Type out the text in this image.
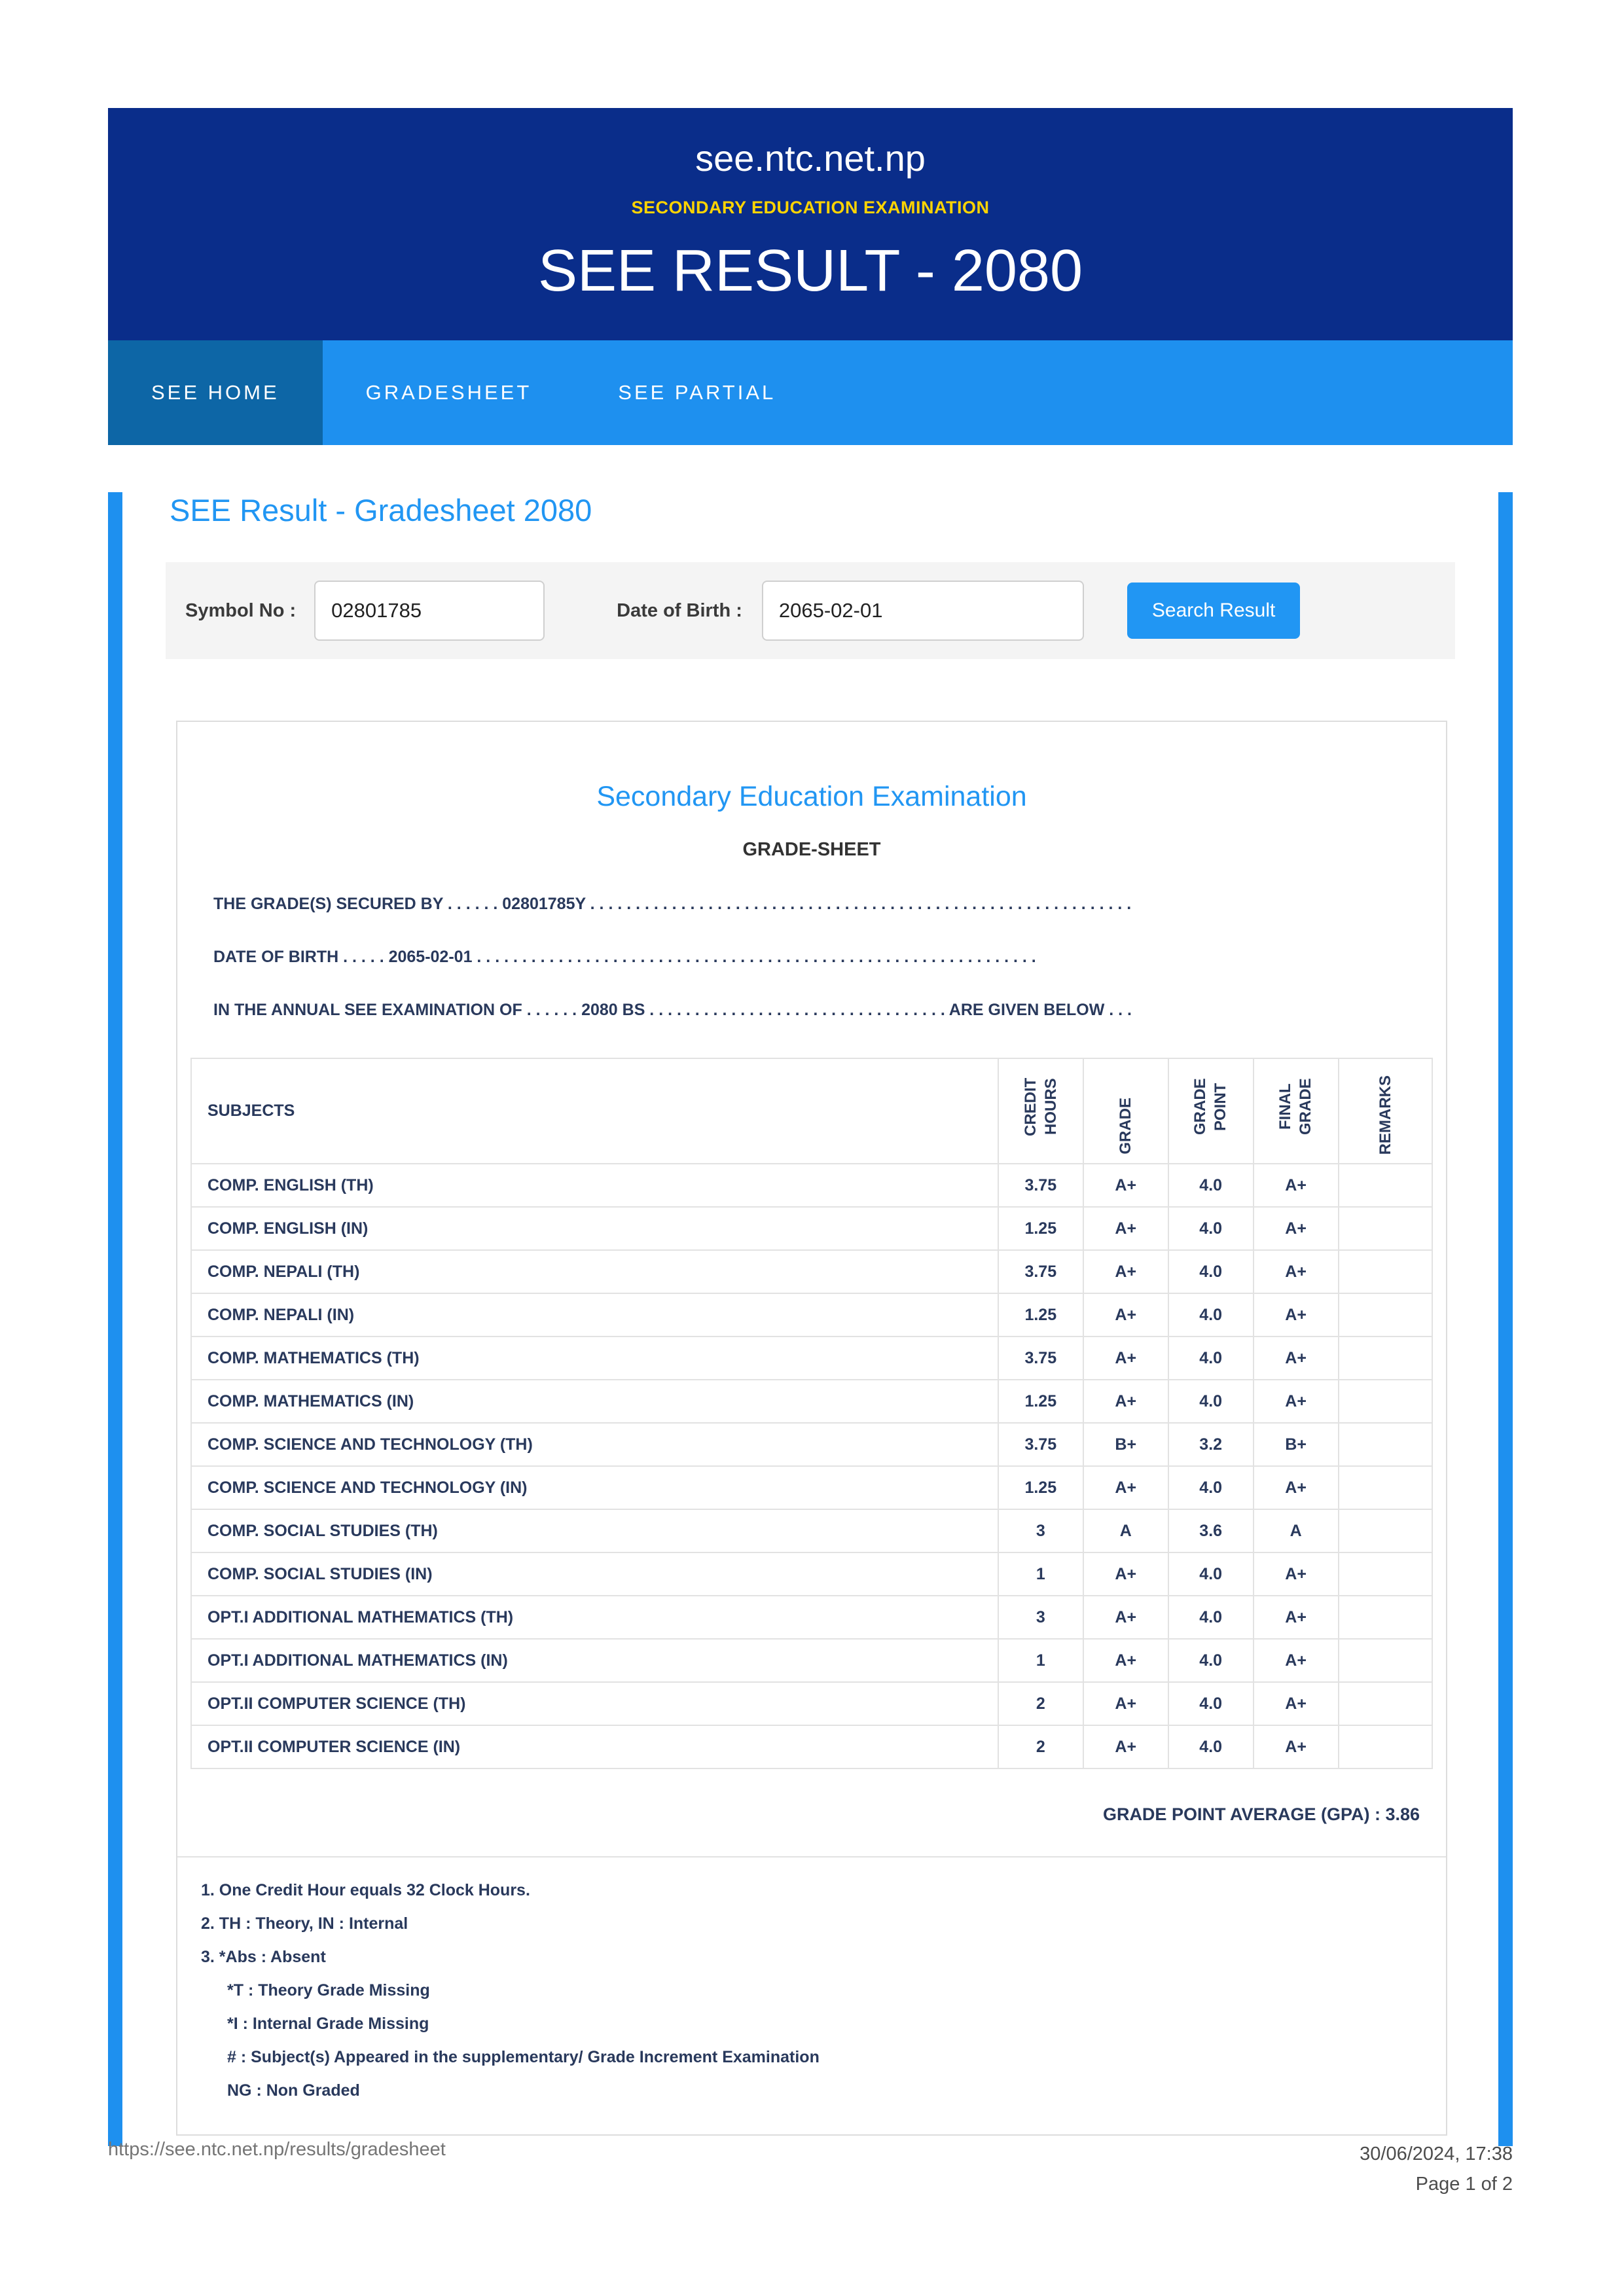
see.ntc.net.np
SECONDARY EDUCATION EXAMINATION
SEE RESULT - 2080
SEE HOME	GRADESHEET	SEE PARTIAL
SEE Result - Gradesheet 2080
Symbol No :
02801785	Date of Birth :
2065-02-01	Search Result
Secondary Education Examination
GRADE-SHEET
THE GRADE(S) SECURED BY . . . . . . 02801785Y . . . . . . . . . . . . . . . . . . . . . . . . . . . . . . . . . . . . . . . . . . . . . . . . . . . . . . . . . . . .
DATE OF BIRTH . . . . . 2065-02-01 . . . . . . . . . . . . . . . . . . . . . . . . . . . . . . . . . . . . . . . . . . . . . . . . . . . . . . . . . . . . . .
IN THE ANNUAL SEE EXAMINATION OF . . . . . . 2080 BS . . . . . . . . . . . . . . . . . . . . . . . . . . . . . . . . . ARE GIVEN BELOW . . .
SUBJECTS	CREDIT HOURS	GRADE	GRADE POINT	FINAL GRADE	REMARKS
COMP. ENGLISH (TH)	3.75	A+	4.0	A+	
COMP. ENGLISH (IN)	1.25	A+	4.0	A+	
COMP. NEPALI (TH)	3.75	A+	4.0	A+	
COMP. NEPALI (IN)	1.25	A+	4.0	A+	
COMP. MATHEMATICS (TH)	3.75	A+	4.0	A+	
COMP. MATHEMATICS (IN)	1.25	A+	4.0	A+	
COMP. SCIENCE AND TECHNOLOGY (TH)	3.75	B+	3.2	B+	
COMP. SCIENCE AND TECHNOLOGY (IN)	1.25	A+	4.0	A+	
COMP. SOCIAL STUDIES (TH)	3	A	3.6	A	
COMP. SOCIAL STUDIES (IN)	1	A+	4.0	A+	
OPT.I ADDITIONAL MATHEMATICS (TH)	3	A+	4.0	A+	
OPT.I ADDITIONAL MATHEMATICS (IN)	1	A+	4.0	A+	
OPT.II COMPUTER SCIENCE (TH)	2	A+	4.0	A+	
OPT.II COMPUTER SCIENCE (IN)	2	A+	4.0	A+	
GRADE POINT AVERAGE (GPA) : 3.86
1. One Credit Hour equals 32 Clock Hours.
2. TH : Theory, IN : Internal
3. *Abs : Absent
*T : Theory Grade Missing
*I : Internal Grade Missing
# : Subject(s) Appeared in the supplementary/ Grade Increment Examination
NG : Non Graded
https://see.ntc.net.np/results/gradesheet	30/06/2024, 17:38
Page 1 of 2
